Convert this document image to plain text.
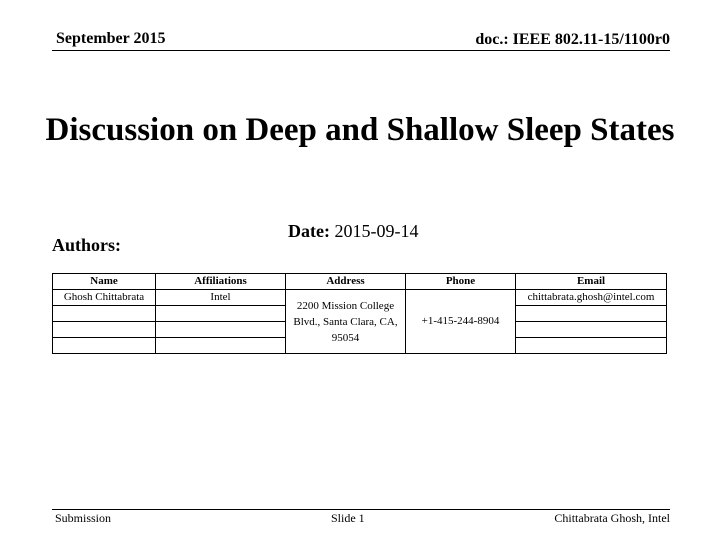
September 2015	doc.: IEEE 802.11-15/1100r0
Discussion on Deep and Shallow Sleep States
Date: 2015-09-14
Authors:
Name	Affiliations	Address	Phone	Email
Ghosh Chittabrata	Intel	2200 Mission College Blvd., Santa Clara, CA, 95054	+1-415-244-8904	chittabrata.ghosh@intel.com

Submission	Slide 1	Chittabrata Ghosh, Intel
